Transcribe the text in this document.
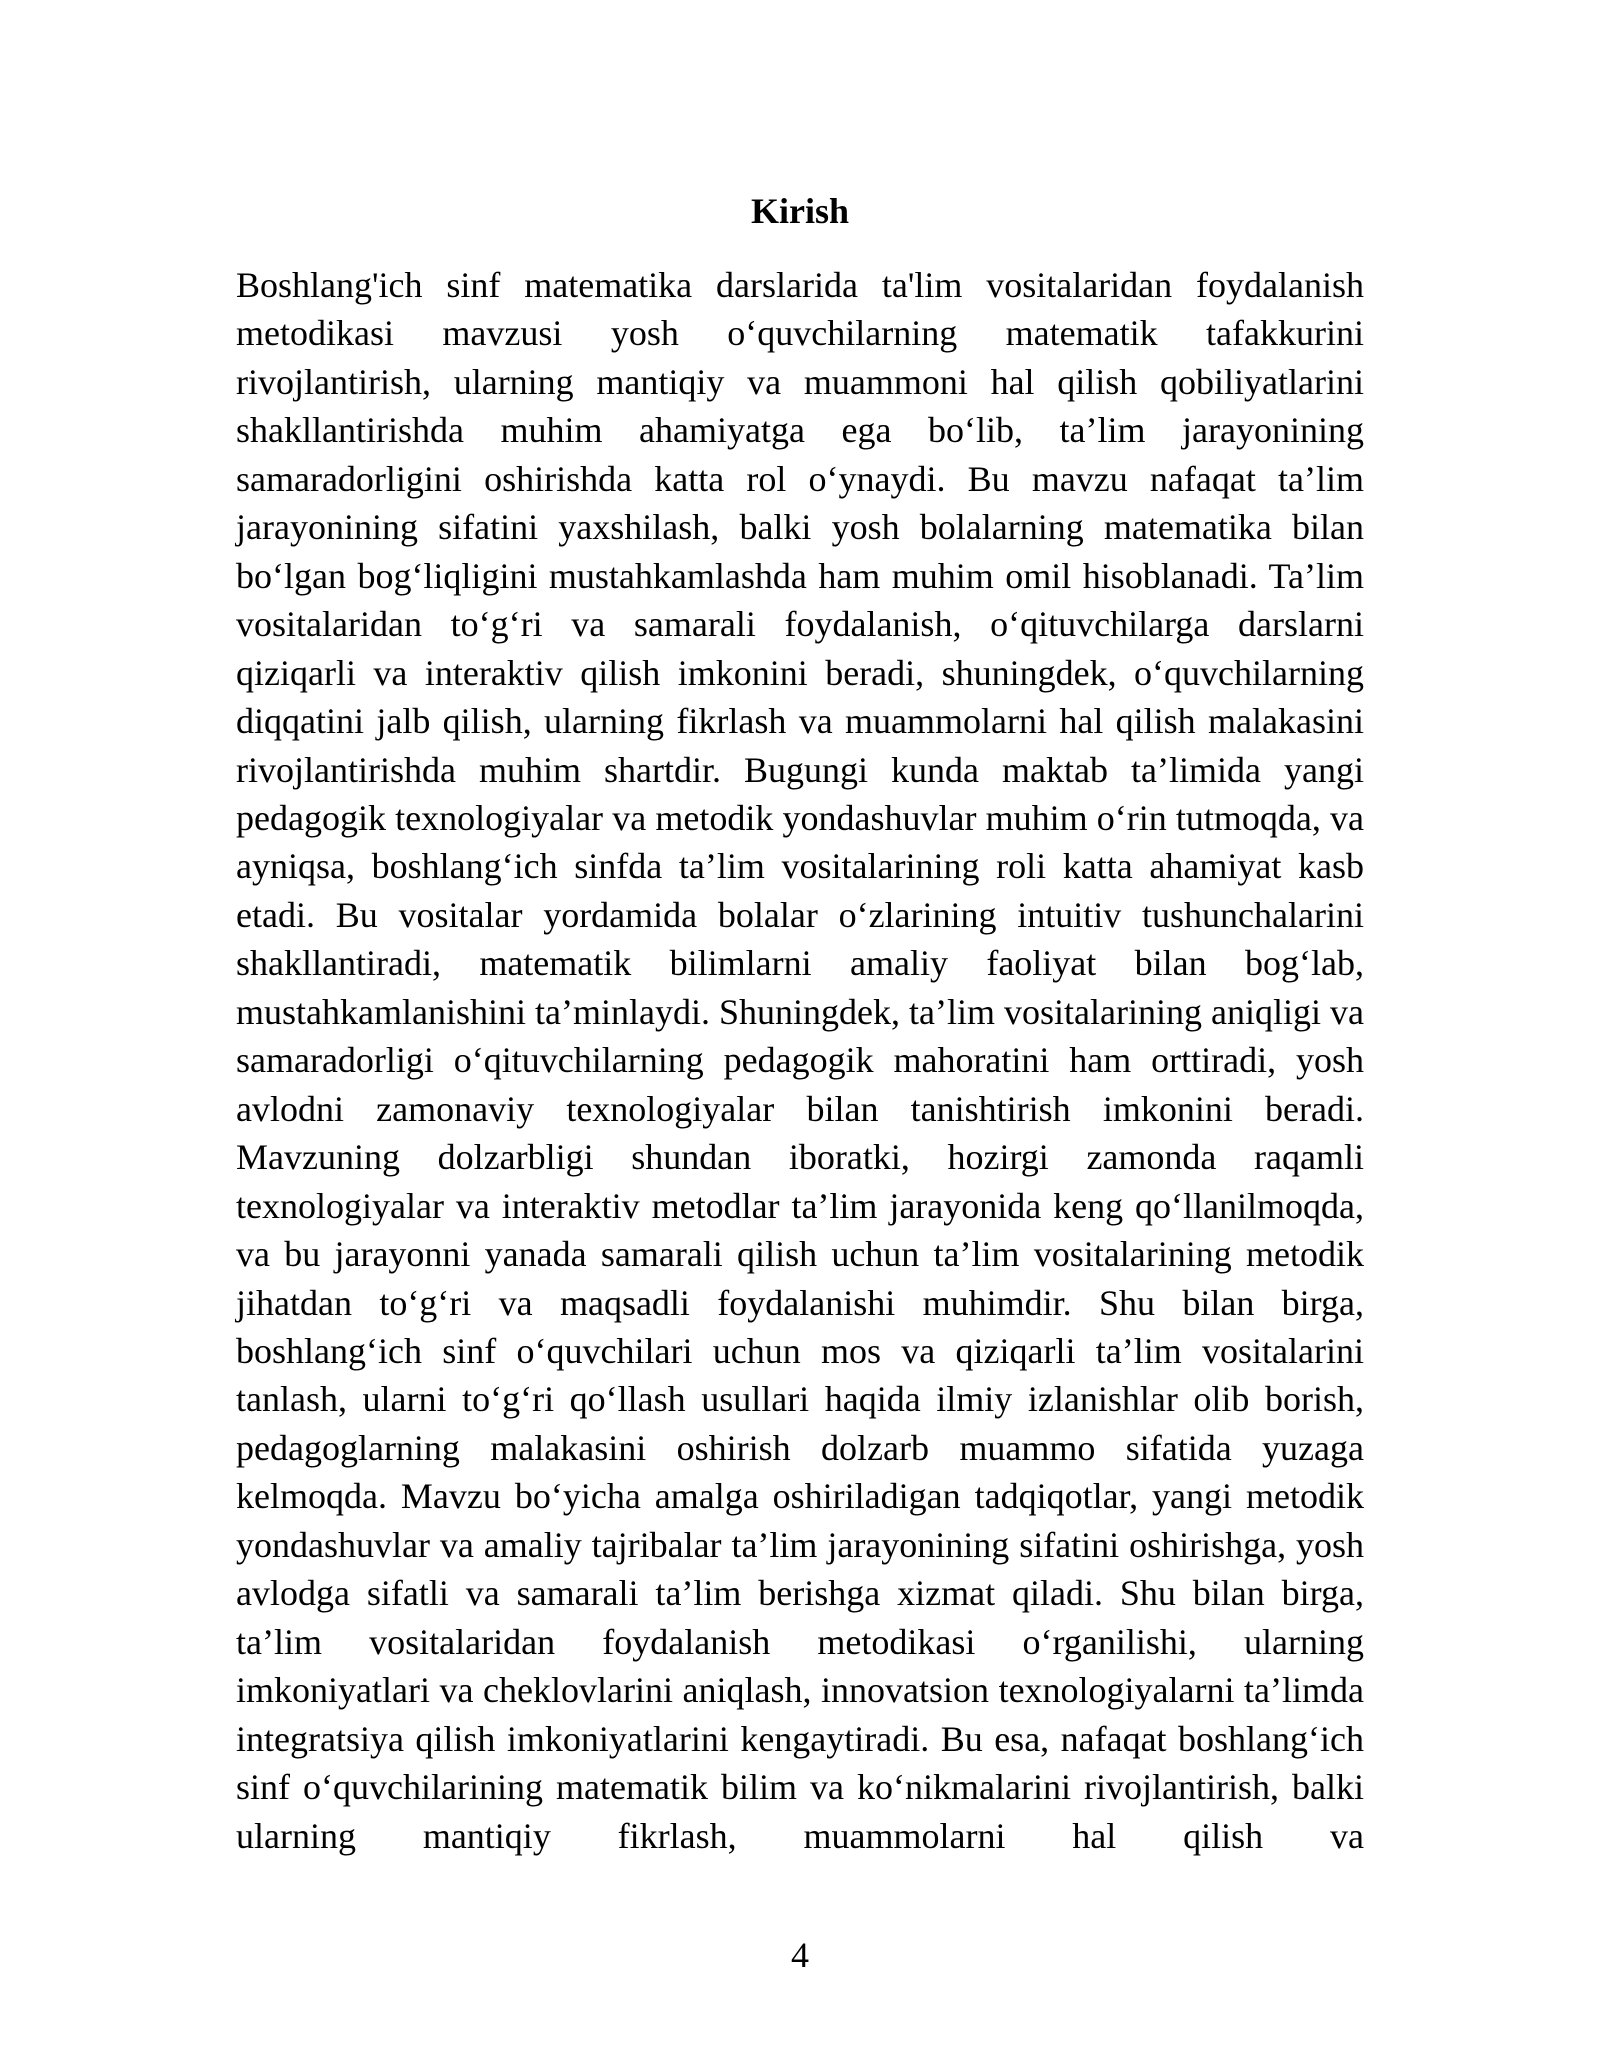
Kirish

Boshlang'ich sinf matematika darslarida ta'lim vositalaridan foydalanish metodikasi mavzusi yosh o‘quvchilarning matematik tafakkurini rivojlantirish, ularning mantiqiy va muammoni hal qilish qobiliyatlarini shakllantirishda muhim ahamiyatga ega bo‘lib, ta’lim jarayonining samaradorligini oshirishda katta rol o‘ynaydi. Bu mavzu nafaqat ta’lim jarayonining sifatini yaxshilash, balki yosh bolalarning matematika bilan bo‘lgan bog‘liqligini mustahkamlashda ham muhim omil hisoblanadi. Ta’lim vositalaridan to‘g‘ri va samarali foydalanish, o‘qituvchilarga darslarni qiziqarli va interaktiv qilish imkonini beradi, shuningdek, o‘quvchilarning diqqatini jalb qilish, ularning fikrlash va muammolarni hal qilish malakasini rivojlantirishda muhim shartdir. Bugungi kunda maktab ta’limida yangi pedagogik texnologiyalar va metodik yondashuvlar muhim o‘rin tutmoqda, va ayniqsa, boshlang‘ich sinfda ta’lim vositalarining roli katta ahamiyat kasb etadi. Bu vositalar yordamida bolalar o‘zlarining intuitiv tushunchalarini shakllantiradi, matematik bilimlarni amaliy faoliyat bilan bog‘lab, mustahkamlanishini ta’minlaydi. Shuningdek, ta’lim vositalarining aniqligi va samaradorligi o‘qituvchilarning pedagogik mahoratini ham orttiradi, yosh avlodni zamonaviy texnologiyalar bilan tanishtirish imkonini beradi. Mavzuning dolzarbligi shundan iboratki, hozirgi zamonda raqamli texnologiyalar va interaktiv metodlar ta’lim jarayonida keng qo‘llanilmoqda, va bu jarayonni yanada samarali qilish uchun ta’lim vositalarining metodik jihatdan to‘g‘ri va maqsadli foydalanishi muhimdir. Shu bilan birga, boshlang‘ich sinf o‘quvchilari uchun mos va qiziqarli ta’lim vositalarini tanlash, ularni to‘g‘ri qo‘llash usullari haqida ilmiy izlanishlar olib borish, pedagoglarning malakasini oshirish dolzarb muammo sifatida yuzaga kelmoqda. Mavzu bo‘yicha amalga oshiriladigan tadqiqotlar, yangi metodik yondashuvlar va amaliy tajribalar ta’lim jarayonining sifatini oshirishga, yosh avlodga sifatli va samarali ta’lim berishga xizmat qiladi. Shu bilan birga, ta’lim vositalaridan foydalanish metodikasi o‘rganilishi, ularning imkoniyatlari va cheklovlarini aniqlash, innovatsion texnologiyalarni ta’limda integratsiya qilish imkoniyatlarini kengaytiradi. Bu esa, nafaqat boshlang‘ich sinf o‘quvchilarining matematik bilim va ko‘nikmalarini rivojlantirish, balki ularning mantiqiy fikrlash, muammolarni hal qilish va

4
